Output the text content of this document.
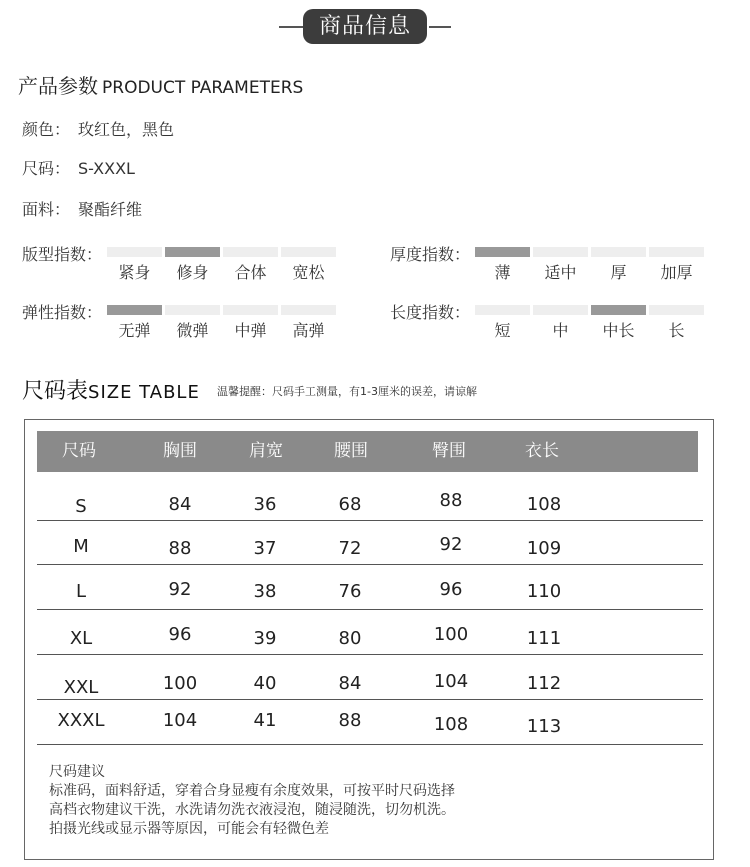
商品信息
产品参数 PRODUCT PARAMETERS
颜色： 玫红色，黑色
尺码： S-XXXL
面料： 聚酯纤维
版型指数：
紧身	修身	合体	宽松
厚度指数：
薄	适中	厚	加厚
弹性指数：
无弹	微弹	中弹	高弹
长度指数：
短	中	中长	长
尺码表SIZE TABLE 温馨提醒：尺码手工测量，有1-3厘米的误差，请谅解
尺码	胸围	肩宽	腰围	臀围	衣长
尺码建议
标准码，面料舒适，穿着合身显瘦有余度效果，可按平时尺码选择
高档衣物建议干洗，水洗请勿洗衣液浸泡，随浸随洗，切勿机洗。
拍摄光线或显示器等原因，可能会有轻微色差
S	84	36	68	88	108
M	88	37	72	92	109
L	92	38	76	96	110
XL	96	39	80	100	111
XXL	100	40	84	104	112
XXXL	104	41	88	108	113
